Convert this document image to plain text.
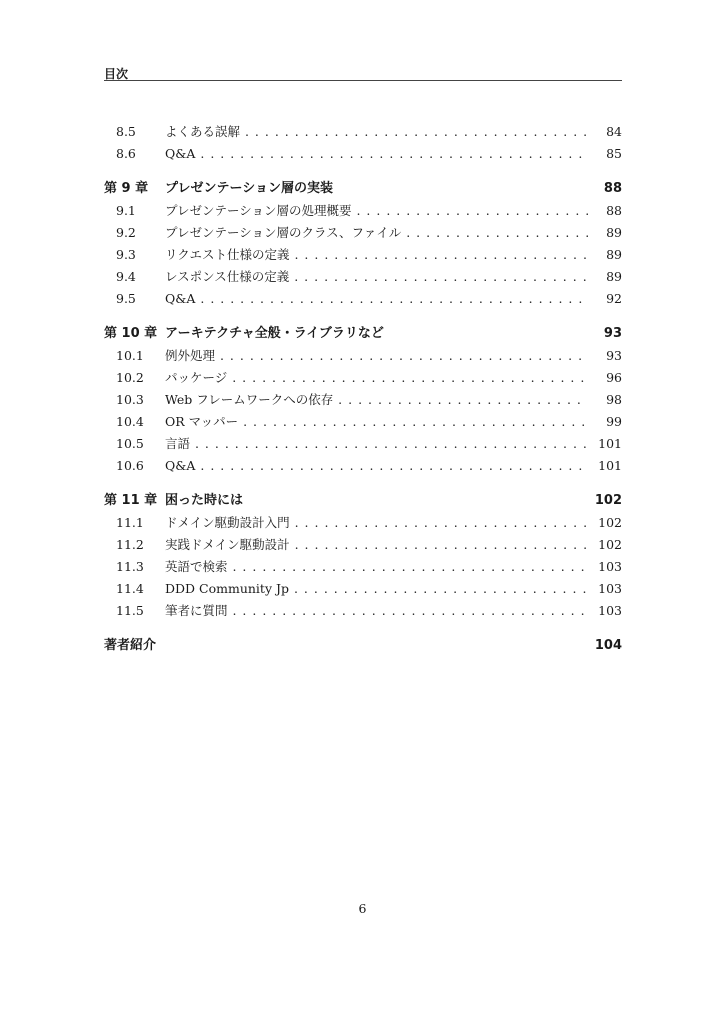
目次
8.5 よくある誤解 . . .	84
8.6 Q&A . . .	85
第 9 章 プレゼンテーション層の実装	88
9.1 プレゼンテーション層の処理概要 . . .	88
9.2 プレゼンテーション層のクラス、ファイル . . .	89
9.3 リクエスト仕様の定義 . . .	89
9.4 レスポンス仕様の定義 . . .	89
9.5 Q&A . . .	92
第 10 章 アーキテクチャ全般・ライブラリなど	93
10.1 例外処理 . . .	93
10.2 パッケージ . . .	96
10.3 Web フレームワークへの依存 . . .	98
10.4 OR マッパー . . .	99
10.5 言語 . . .	101
10.6 Q&A . . .	101
第 11 章 困った時には	102
11.1 ドメイン駆動設計入門 . . .	102
11.2 実践ドメイン駆動設計 . . .	102
11.3 英語で検索 . . .	103
11.4 DDD Community Jp . . .	103
11.5 筆者に質問 . . .	103
著者紹介	104
6
